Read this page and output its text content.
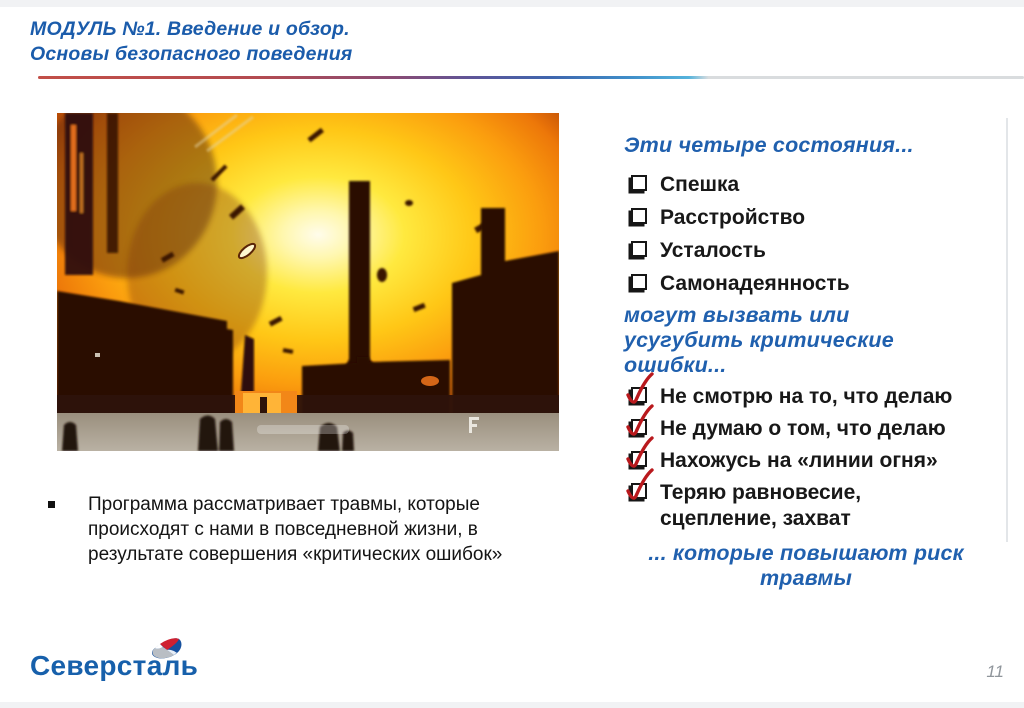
МОДУЛЬ №1. Введение и обзор.
Основы безопасного поведения
Программа рассматривает травмы, которые происходят с нами в повседневной жизни, в результате совершения «критических ошибок»
Эти четыре состояния...
Спешка
Расстройство
Усталость
Самонадеянность
могут вызвать или усугубить критические ошибки...
Не смотрю на то, что делаю
Не думаю о том, что делаю
Нахожусь на «линии огня»
Теряю равновесие, сцепление, захват
... которые повышают риск травмы
Северсталь	11
